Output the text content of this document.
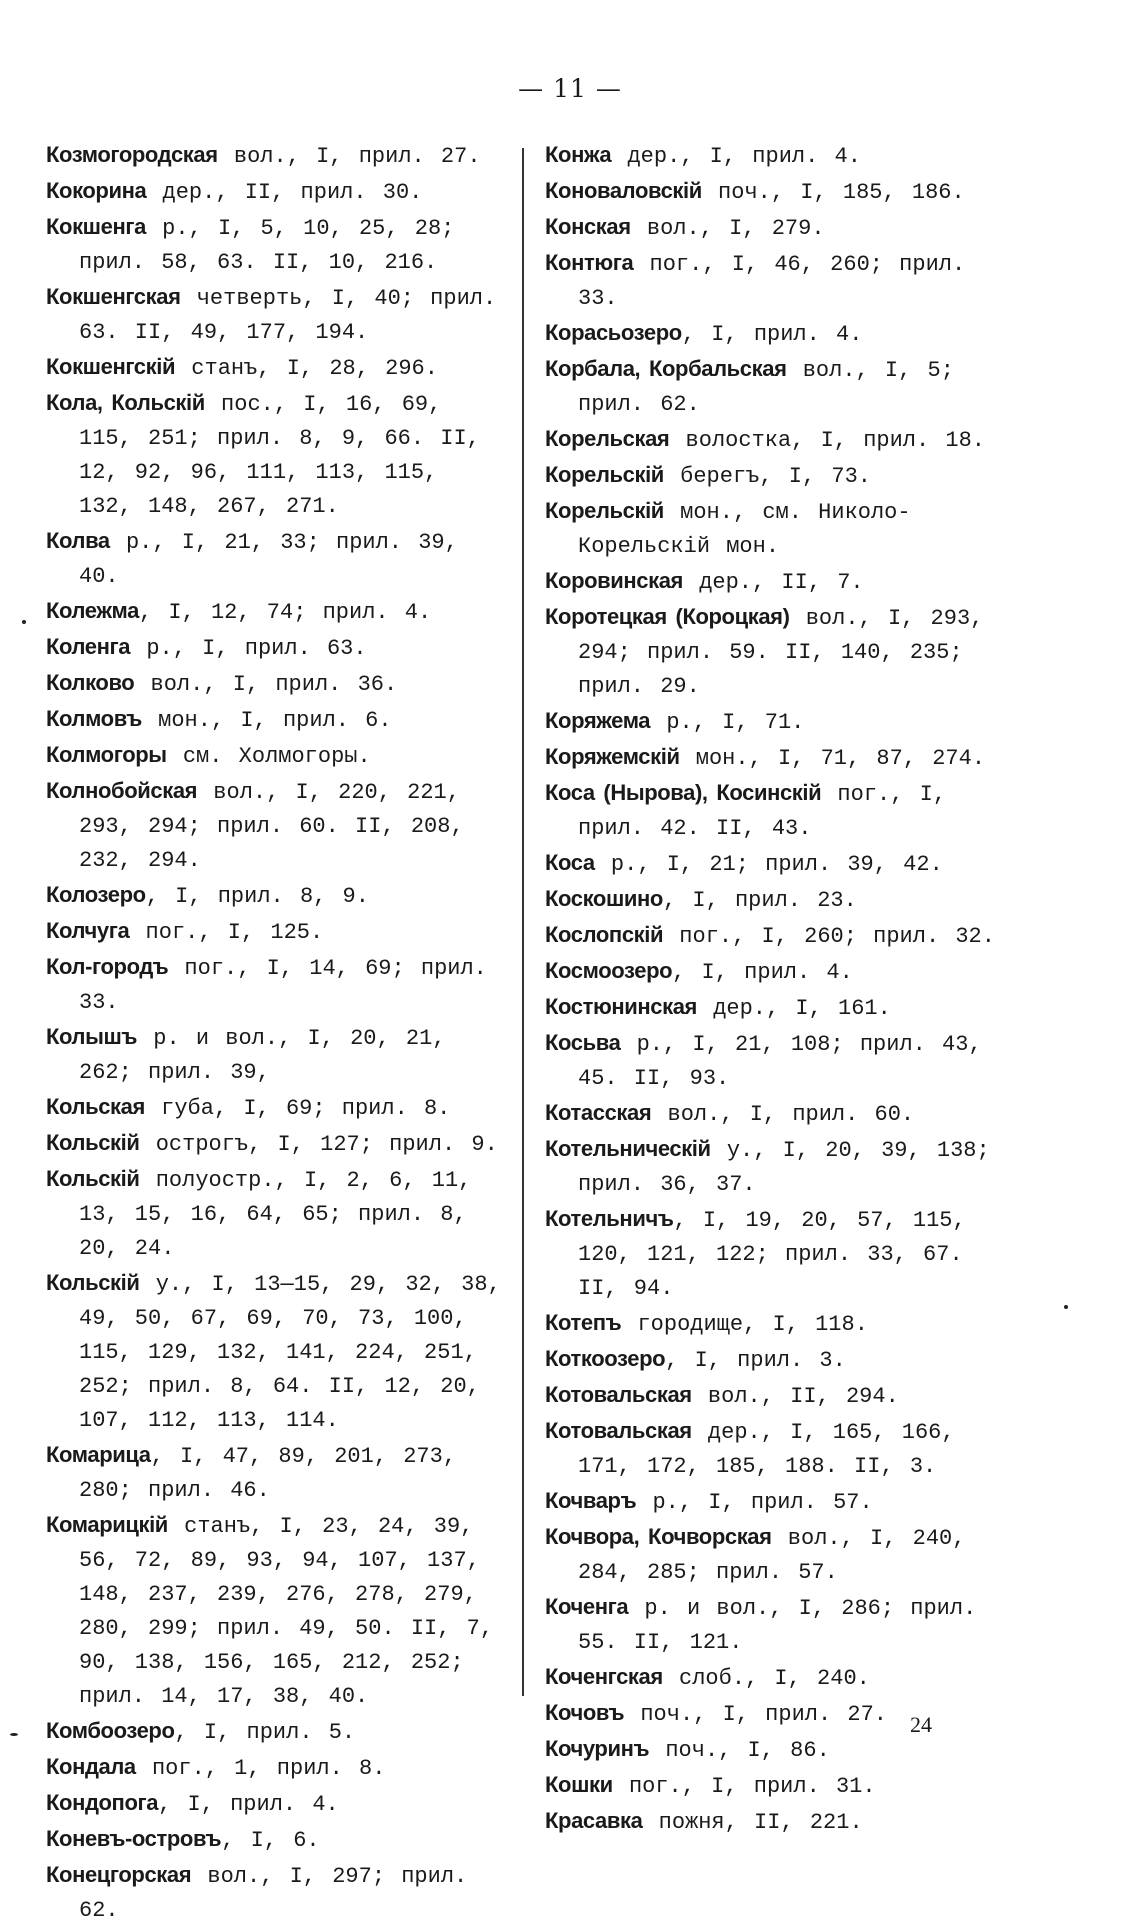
— 11 —
Козмогородская вол., I, прил. 27.
Кокорина дер., II, прил. 30.
Кокшенга р., I, 5, 10, 25, 28; прил. 58, 63. II, 10, 216.
Кокшенгская четверть, I, 40; прил. 63. II, 49, 177, 194.
Кокшенгскій станъ, I, 28, 296.
Кола, Кольскій пос., I, 16, 69, 115, 251; прил. 8, 9, 66. II, 12, 92, 96, 111, 113, 115, 132, 148, 267, 271.
Колва р., I, 21, 33; прил. 39, 40.
Колежма, I, 12, 74; прил. 4.
Коленга р., I, прил. 63.
Колково вол., I, прил. 36.
Колмовъ мон., I, прил. 6.
Колмогоры см. Холмогоры.
Колнобойская вол., I, 220, 221, 293, 294; прил. 60. II, 208, 232, 294.
Колозеро, I, прил. 8, 9.
Колчуга пог., I, 125.
Кол-городъ пог., I, 14, 69; прил. 33.
Колышъ р. и вол., I, 20, 21, 262; прил. 39,
Кольская губа, I, 69; прил. 8.
Кольскій острогъ, I, 127; прил. 9.
Кольскій полуостр., I, 2, 6, 11, 13, 15, 16, 64, 65; прил. 8, 20, 24.
Кольскій у., I, 13—15, 29, 32, 38, 49, 50, 67, 69, 70, 73, 100, 115, 129, 132, 141, 224, 251, 252; прил. 8, 64. II, 12, 20, 107, 112, 113, 114.
Комарица, I, 47, 89, 201, 273, 280; прил. 46.
Комарицкій станъ, I, 23, 24, 39, 56, 72, 89, 93, 94, 107, 137, 148, 237, 239, 276, 278, 279, 280, 299; прил. 49, 50. II, 7, 90, 138, 156, 165, 212, 252; прил. 14, 17, 38, 40.
Комбоозеро, I, прил. 5.
Кондала пог., 1, прил. 8.
Кондопога, I, прил. 4.
Коневъ-островъ, I, 6.
Конецгорская вол., I, 297; прил. 62.
Конжа дер., I, прил. 4.
Коноваловскій поч., I, 185, 186.
Конская вол., I, 279.
Контюга пог., I, 46, 260; прил. 33.
Корасьозеро, I, прил. 4.
Корбала, Корбальская вол., I, 5; прил. 62.
Корельская волостка, I, прил. 18.
Корельскій берегъ, I, 73.
Корельскій мон., см. Николо-Корельскій мон.
Коровинская дер., II, 7.
Коротецкая (Короцкая) вол., I, 293, 294; прил. 59. II, 140, 235; прил. 29.
Коряжема р., I, 71.
Коряжемскій мон., I, 71, 87, 274.
Коса (Нырова), Косинскій пог., I, прил. 42. II, 43.
Коса р., I, 21; прил. 39, 42.
Коскошино, I, прил. 23.
Кослопскій пог., I, 260; прил. 32.
Космоозеро, I, прил. 4.
Костюнинская дер., I, 161.
Косьва р., I, 21, 108; прил. 43, 45. II, 93.
Котасская вол., I, прил. 60.
Котельническій у., I, 20, 39, 138; прил. 36, 37.
Котельничъ, I, 19, 20, 57, 115, 120, 121, 122; прил. 33, 67. II, 94.
Котепъ городище, I, 118.
Коткоозеро, I, прил. 3.
Котовальская вол., II, 294.
Котовальская дер., I, 165, 166, 171, 172, 185, 188. II, 3.
Кочваръ р., I, прил. 57.
Кочвора, Кочворская вол., I, 240, 284, 285; прил. 57.
Коченга р. и вол., I, 286; прил. 55. II, 121.
Коченгская слоб., I, 240.
Кочовъ поч., I, прил. 27.
Кочуринъ поч., I, 86.
Кошки пог., I, прил. 31.
Красавка пожня, II, 221.
24
